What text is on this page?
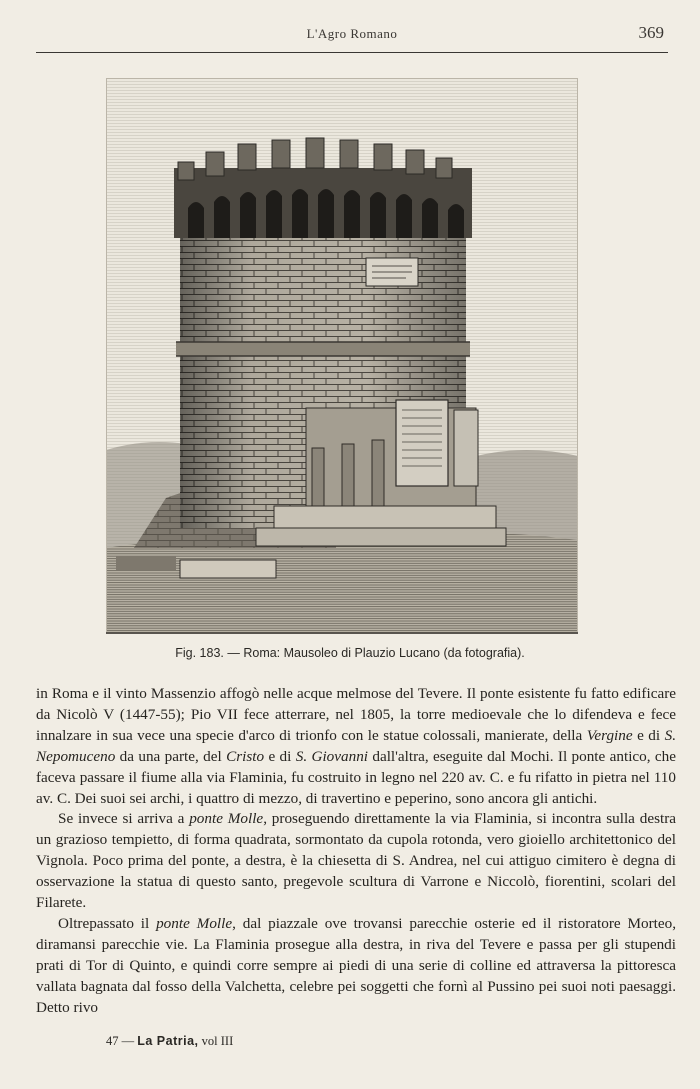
L'Agro Romano	369
Fig. 183. — Roma: Mausoleo di Plauzio Lucano (da fotografia).

in Roma e il vinto Massenzio affogò nelle acque melmose del Tevere. Il ponte esistente fu fatto edificare da Nicolò V (1447-55); Pio VII fece atterrare, nel 1805, la torre medioevale che lo difendeva e fece innalzare in sua vece una specie d'arco di trionfo con le statue colossali, manierate, della Vergine e di S. Nepomuceno da una parte, del Cristo e di S. Giovanni dall'altra, eseguite dal Mochi. Il ponte antico, che faceva passare il fiume alla via Flaminia, fu costruito in legno nel 220 av. C. e fu rifatto in pietra nel 110 av. C. Dei suoi sei archi, i quattro di mezzo, di travertino e peperino, sono ancora gli antichi.

Se invece si arriva a ponte Molle, proseguendo direttamente la via Flaminia, si incontra sulla destra un grazioso tempietto, di forma quadrata, sormontato da cupola rotonda, vero gioiello architettonico del Vignola. Poco prima del ponte, a destra, è la chiesetta di S. Andrea, nel cui attiguo cimitero è degna di osservazione la statua di questo santo, pregevole scultura di Varrone e Niccolò, fiorentini, scolari del Filarete.

Oltrepassato il ponte Molle, dal piazzale ove trovansi parecchie osterie ed il ristoratore Morteo, diramansi parecchie vie. La Flaminia prosegue alla destra, in riva del Tevere e passa per gli stupendi prati di Tor di Quinto, e quindi corre sempre ai piedi di una serie di colline ed attraversa la pittoresca vallata bagnata dal fosso della Valchetta, celebre pei soggetti che fornì al Pussino pei suoi noti paesaggi. Detto rivo

47 — La Patria, vol III
